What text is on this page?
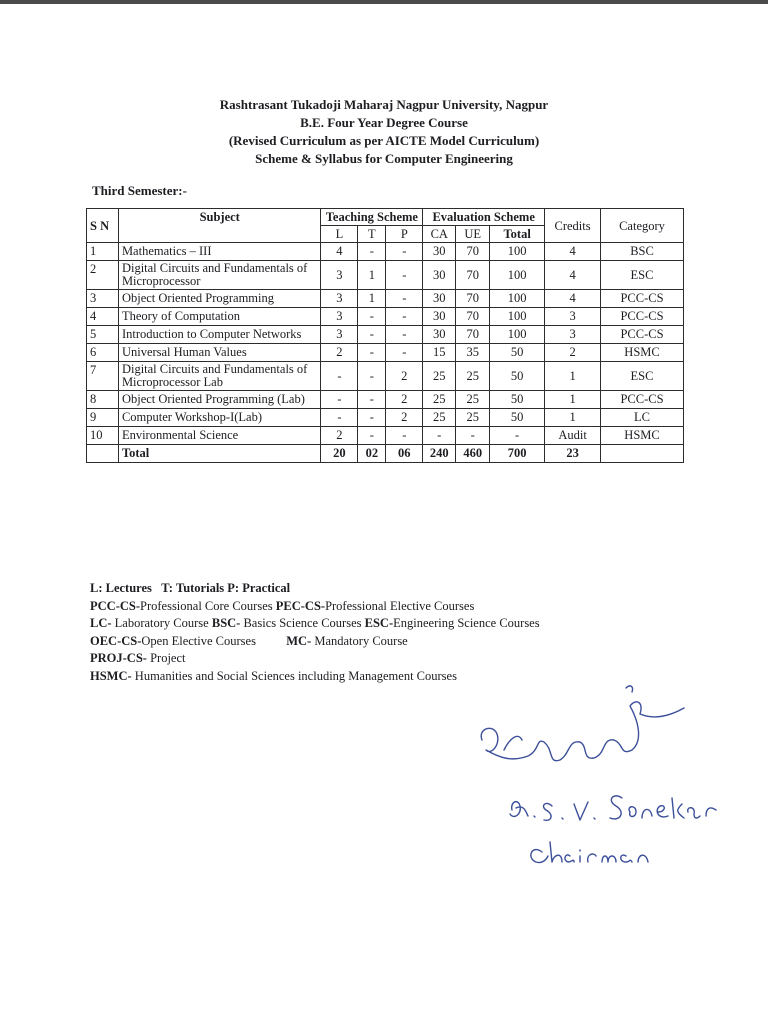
Rashtrasant Tukadoji Maharaj Nagpur University, Nagpur
B.E. Four Year Degree Course
(Revised Curriculum as per AICTE Model Curriculum)
Scheme & Syllabus for Computer Engineering
Third Semester:-
S N	Subject	Teaching Scheme			Evaluation Scheme			Credits	Category
		L	T	P	CA	UE	Total		
1	Mathematics – III	4	-	-	30	70	100	4	BSC
2	Digital Circuits and Fundamentals of Microprocessor	3	1	-	30	70	100	4	ESC
3	Object Oriented Programming	3	1	-	30	70	100	4	PCC-CS
4	Theory of Computation	3	-	-	30	70	100	3	PCC-CS
5	Introduction to Computer Networks	3	-	-	30	70	100	3	PCC-CS
6	Universal Human Values	2	-	-	15	35	50	2	HSMC
7	Digital Circuits and Fundamentals of Microprocessor Lab	-	-	2	25	25	50	1	ESC
8	Object Oriented Programming (Lab)	-	-	2	25	25	50	1	PCC-CS
9	Computer Workshop-I(Lab)	-	-	2	25	25	50	1	LC
10	Environmental Science	2	-	-	-	-	-	Audit	HSMC
	Total	20	02	06	240	460	700	23	
L: Lectures T: Tutorials P: Practical
PCC-CS-Professional Core Courses PEC-CS-Professional Elective Courses
LC- Laboratory Course BSC- Basics Science Courses ESC-Engineering Science Courses
OEC-CS-Open Elective Courses MC- Mandatory Course
PROJ-CS- Project
HSMC- Humanities and Social Sciences including Management Courses
